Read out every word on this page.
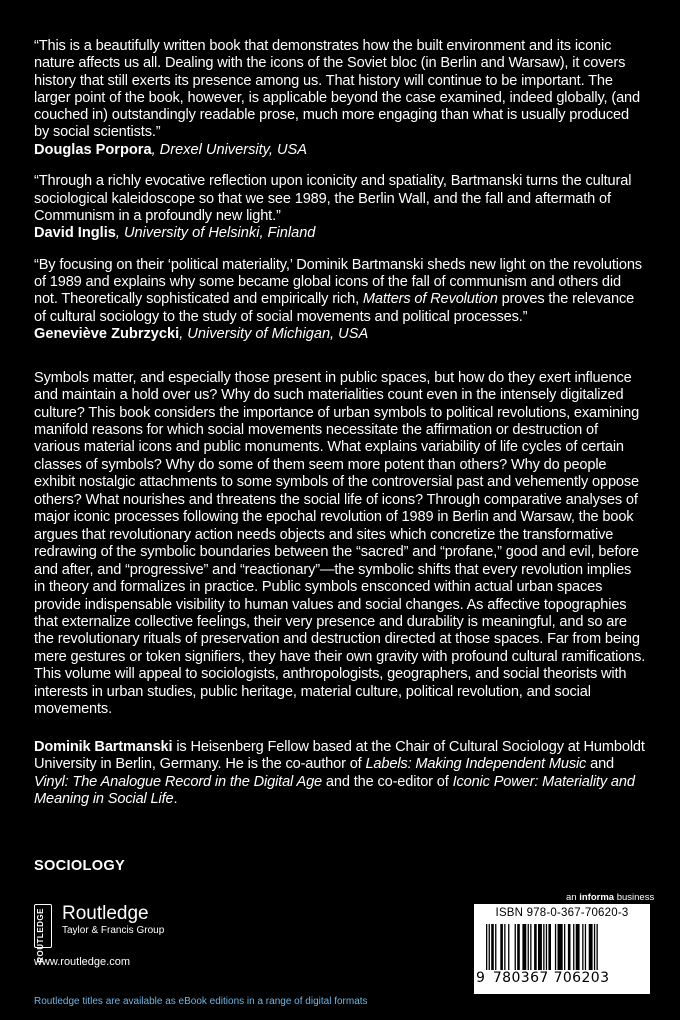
“This is a beautifully written book that demonstrates how the built environment and its iconic nature affects us all. Dealing with the icons of the Soviet bloc (in Berlin and Warsaw), it covers history that still exerts its presence among us. That history will continue to be important. The larger point of the book, however, is applicable beyond the case examined, indeed globally, (and couched in) outstandingly readable prose, much more engaging than what is usually produced by social scientists.”

Douglas Porpora, Drexel University, USA

“Through a richly evocative reflection upon iconicity and spatiality, Bartmanski turns the cultural sociological kaleidoscope so that we see 1989, the Berlin Wall, and the fall and aftermath of Communism in a profoundly new light.”

David Inglis, University of Helsinki, Finland

“By focusing on their ‘political materiality,’ Dominik Bartmanski sheds new light on the revolutions of 1989 and explains why some became global icons of the fall of communism and others did not. Theoretically sophisticated and empirically rich, Matters of Revolution proves the relevance of cultural sociology to the study of social movements and political processes.”

Geneviève Zubrzycki, University of Michigan, USA
Symbols matter, and especially those present in public spaces, but how do they exert influence and maintain a hold over us? Why do such materialities count even in the intensely digitalized culture? This book considers the importance of urban symbols to political revolutions, examining manifold reasons for which social movements necessitate the affirmation or destruction of various material icons and public monuments. What explains variability of life cycles of certain classes of symbols? Why do some of them seem more potent than others? Why do people exhibit nostalgic attachments to some symbols of the controversial past and vehemently oppose others? What nourishes and threatens the social life of icons? Through comparative analyses of major iconic processes following the epochal revolution of 1989 in Berlin and Warsaw, the book argues that revolutionary action needs objects and sites which concretize the transformative redrawing of the symbolic boundaries between the “sacred” and “profane,” good and evil, before and after, and “progressive” and “reactionary”—the symbolic shifts that every revolution implies in theory and formalizes in practice. Public symbols ensconced within actual urban spaces provide indispensable visibility to human values and social changes. As affective topographies that externalize collective feelings, their very presence and durability is meaningful, and so are the revolutionary rituals of preservation and destruction directed at those spaces. Far from being mere gestures or token signifiers, they have their own gravity with profound cultural ramifications. This volume will appeal to sociologists, anthropologists, geographers, and social theorists with interests in urban studies, public heritage, material culture, political revolution, and social movements.
Dominik Bartmanski is Heisenberg Fellow based at the Chair of Cultural Sociology at Humboldt University in Berlin, Germany. He is the co-author of Labels: Making Independent Music and Vinyl: The Analogue Record in the Digital Age and the co-editor of Iconic Power: Materiality and Meaning in Social Life.
SOCIOLOGY
ROUTLEDGE Routledge
Taylor & Francis Group
www.routledge.com
Routledge titles are available as eBook editions in a range of digital formats
an informa business
ISBN 978-0-367-70620-3
9 780367 706203
